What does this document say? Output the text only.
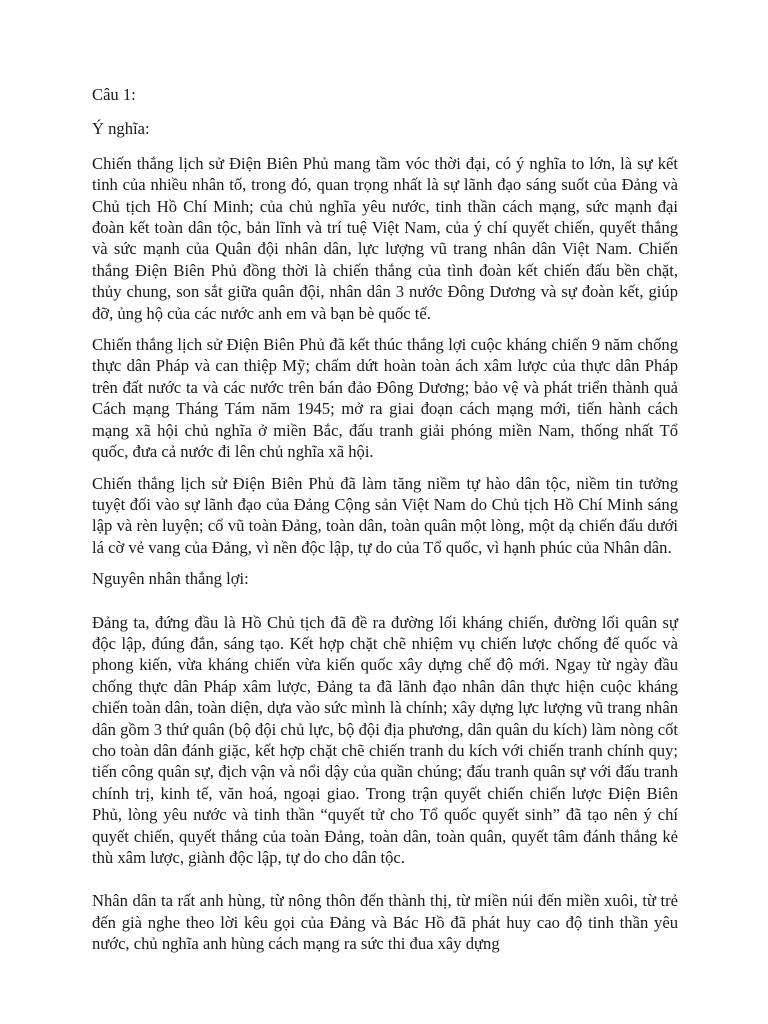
Câu 1:

Ý nghĩa:

Chiến thắng lịch sử Điện Biên Phủ mang tầm vóc thời đại, có ý nghĩa to lớn, là sự kết tinh của nhiều nhân tố, trong đó, quan trọng nhất là sự lãnh đạo sáng suốt của Đảng và Chủ tịch Hồ Chí Minh; của chủ nghĩa yêu nước, tinh thần cách mạng, sức mạnh đại đoàn kết toàn dân tộc, bản lĩnh và trí tuệ Việt Nam, của ý chí quyết chiến, quyết thắng và sức mạnh của Quân đội nhân dân, lực lượng vũ trang nhân dân Việt Nam. Chiến thắng Điện Biên Phủ đồng thời là chiến thắng của tình đoàn kết chiến đấu bền chặt, thủy chung, son sắt giữa quân đội, nhân dân 3 nước Đông Dương và sự đoàn kết, giúp đỡ, ủng hộ của các nước anh em và bạn bè quốc tế.

Chiến thắng lịch sử Điện Biên Phủ đã kết thúc thắng lợi cuộc kháng chiến 9 năm chống thực dân Pháp và can thiệp Mỹ; chấm dứt hoàn toàn ách xâm lược của thực dân Pháp trên đất nước ta và các nước trên bán đảo Đông Dương; bảo vệ và phát triển thành quả Cách mạng Tháng Tám năm 1945; mở ra giai đoạn cách mạng mới, tiến hành cách mạng xã hội chủ nghĩa ở miền Bắc, đấu tranh giải phóng miền Nam, thống nhất Tổ quốc, đưa cả nước đi lên chủ nghĩa xã hội.

Chiến thắng lịch sử Điện Biên Phủ đã làm tăng niềm tự hào dân tộc, niềm tin tưởng tuyệt đối vào sự lãnh đạo của Đảng Cộng sản Việt Nam do Chủ tịch Hồ Chí Minh sáng lập và rèn luyện; cổ vũ toàn Đảng, toàn dân, toàn quân một lòng, một dạ chiến đấu dưới lá cờ vẻ vang của Đảng, vì nền độc lập, tự do của Tổ quốc, vì hạnh phúc của Nhân dân.

Nguyên nhân thắng lợi:

Đảng ta, đứng đầu là Hồ Chủ tịch đã đề ra đường lối kháng chiến, đường lối quân sự độc lập, đúng đắn, sáng tạo. Kết hợp chặt chẽ nhiệm vụ chiến lược chống đế quốc và phong kiến, vừa kháng chiến vừa kiến quốc xây dựng chế độ mới. Ngay từ ngày đầu chống thực dân Pháp xâm lược, Đảng ta đã lãnh đạo nhân dân thực hiện cuộc kháng chiến toàn dân, toàn diện, dựa vào sức mình là chính; xây dựng lực lượng vũ trang nhân dân gồm 3 thứ quân (bộ đội chủ lực, bộ đội địa phương, dân quân du kích) làm nòng cốt cho toàn dân đánh giặc, kết hợp chặt chẽ chiến tranh du kích với chiến tranh chính quy; tiến công quân sự, địch vận và nổi dậy của quần chúng; đấu tranh quân sự với đấu tranh chính trị, kinh tế, văn hoá, ngoại giao. Trong trận quyết chiến chiến lược Điện Biên Phủ, lòng yêu nước và tinh thần “quyết tử cho Tổ quốc quyết sinh” đã tạo nên ý chí quyết chiến, quyết thắng của toàn Đảng, toàn dân, toàn quân, quyết tâm đánh thắng kẻ thù xâm lược, giành độc lập, tự do cho dân tộc.

Nhân dân ta rất anh hùng, từ nông thôn đến thành thị, từ miền núi đến miền xuôi, từ trẻ đến già nghe theo lời kêu gọi của Đảng và Bác Hồ đã phát huy cao độ tinh thần yêu nước, chủ nghĩa anh hùng cách mạng ra sức thi đua xây dựng
